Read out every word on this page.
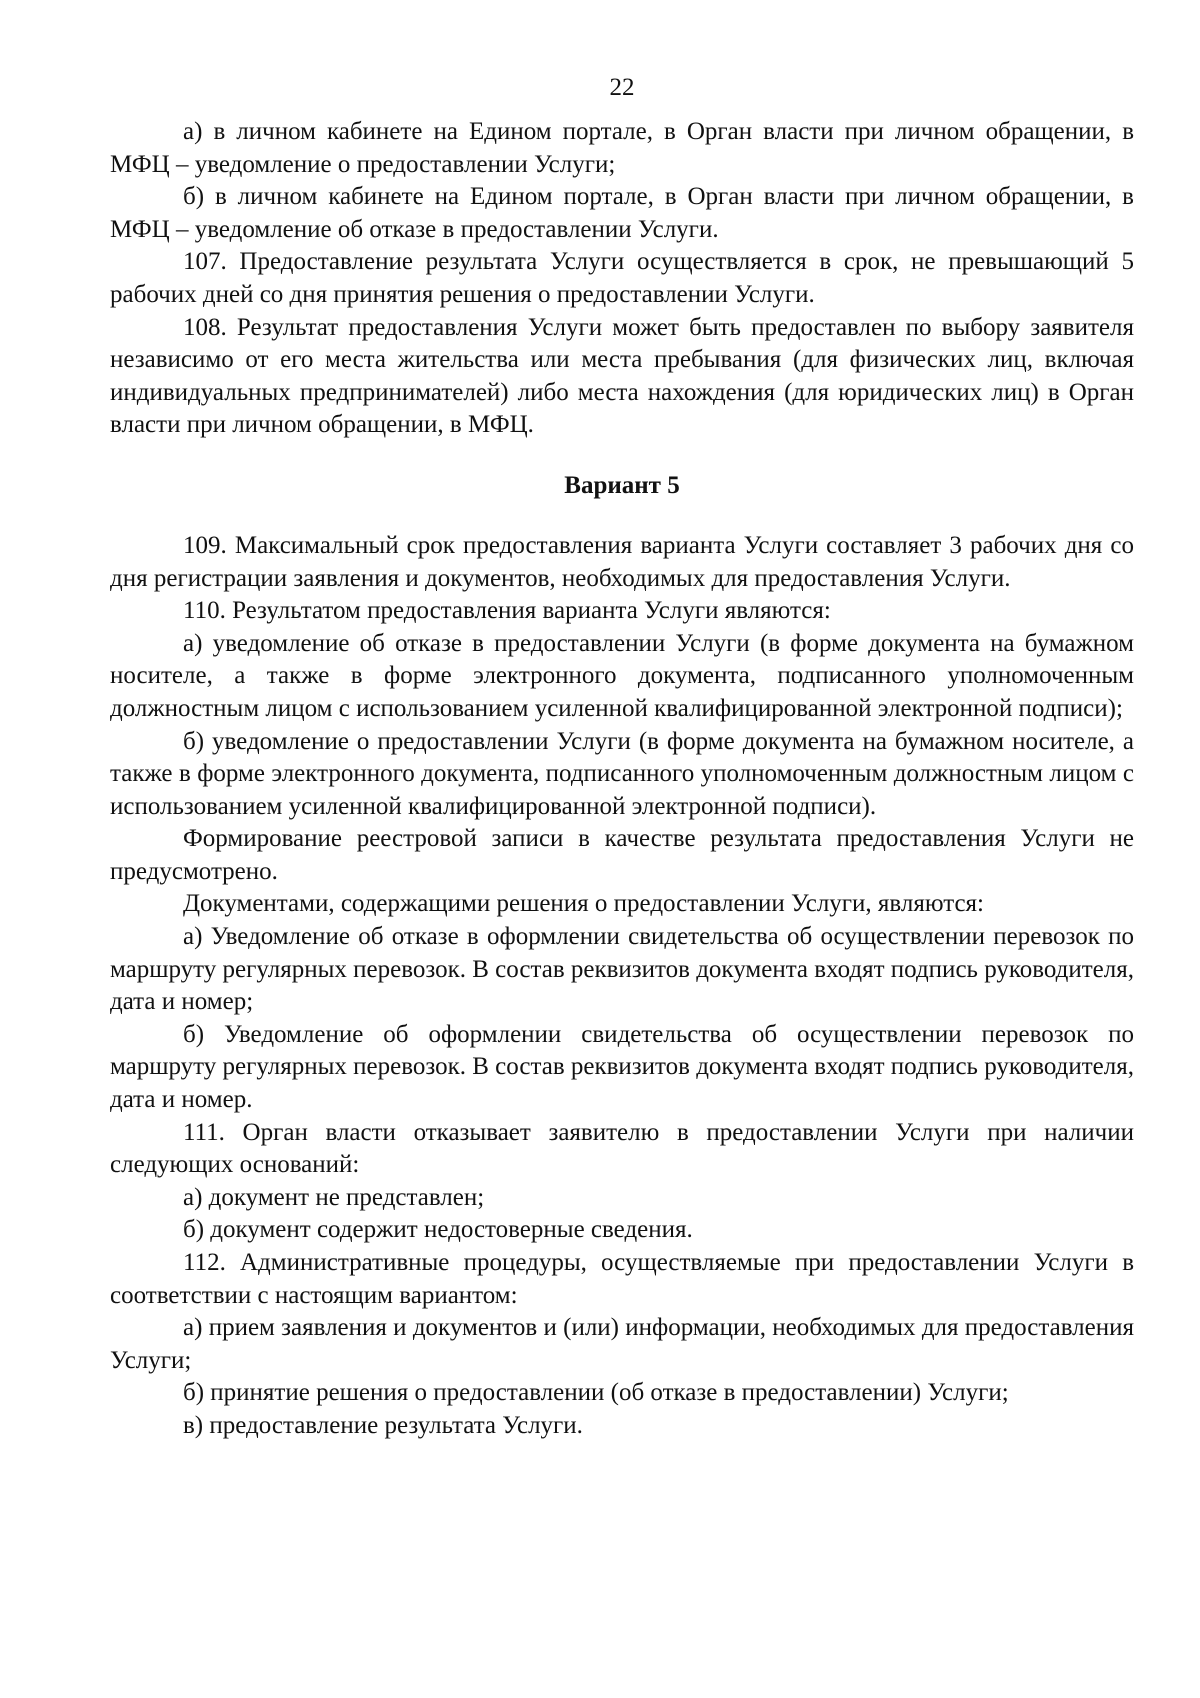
22

а) в личном кабинете на Едином портале, в Орган власти при личном обращении, в МФЦ – уведомление о предоставлении Услуги;

б) в личном кабинете на Едином портале, в Орган власти при личном обращении, в МФЦ – уведомление об отказе в предоставлении Услуги.

107. Предоставление результата Услуги осуществляется в срок, не превышающий 5 рабочих дней со дня принятия решения о предоставлении Услуги.

108. Результат предоставления Услуги может быть предоставлен по выбору заявителя независимо от его места жительства или места пребывания (для физических лиц, включая индивидуальных предпринимателей) либо места нахождения (для юридических лиц) в Орган власти при личном обращении, в МФЦ.

Вариант 5

109. Максимальный срок предоставления варианта Услуги составляет 3 рабочих дня со дня регистрации заявления и документов, необходимых для предоставления Услуги.

110. Результатом предоставления варианта Услуги являются:

а) уведомление об отказе в предоставлении Услуги (в форме документа на бумажном носителе, а также в форме электронного документа, подписанного уполномоченным должностным лицом с использованием усиленной квалифицированной электронной подписи);

б) уведомление о предоставлении Услуги (в форме документа на бумажном носителе, а также в форме электронного документа, подписанного уполномоченным должностным лицом с использованием усиленной квалифицированной электронной подписи).

Формирование реестровой записи в качестве результата предоставления Услуги не предусмотрено.

Документами, содержащими решения о предоставлении Услуги, являются:

а) Уведомление об отказе в оформлении свидетельства об осуществлении перевозок по маршруту регулярных перевозок. В состав реквизитов документа входят подпись руководителя, дата и номер;

б) Уведомление об оформлении свидетельства об осуществлении перевозок по маршруту регулярных перевозок. В состав реквизитов документа входят подпись руководителя, дата и номер.

111. Орган власти отказывает заявителю в предоставлении Услуги при наличии следующих оснований:

а) документ не представлен;

б) документ содержит недостоверные сведения.

112. Административные процедуры, осуществляемые при предоставлении Услуги в соответствии с настоящим вариантом:

а) прием заявления и документов и (или) информации, необходимых для предоставления Услуги;

б) принятие решения о предоставлении (об отказе в предоставлении) Услуги;

в) предоставление результата Услуги.
